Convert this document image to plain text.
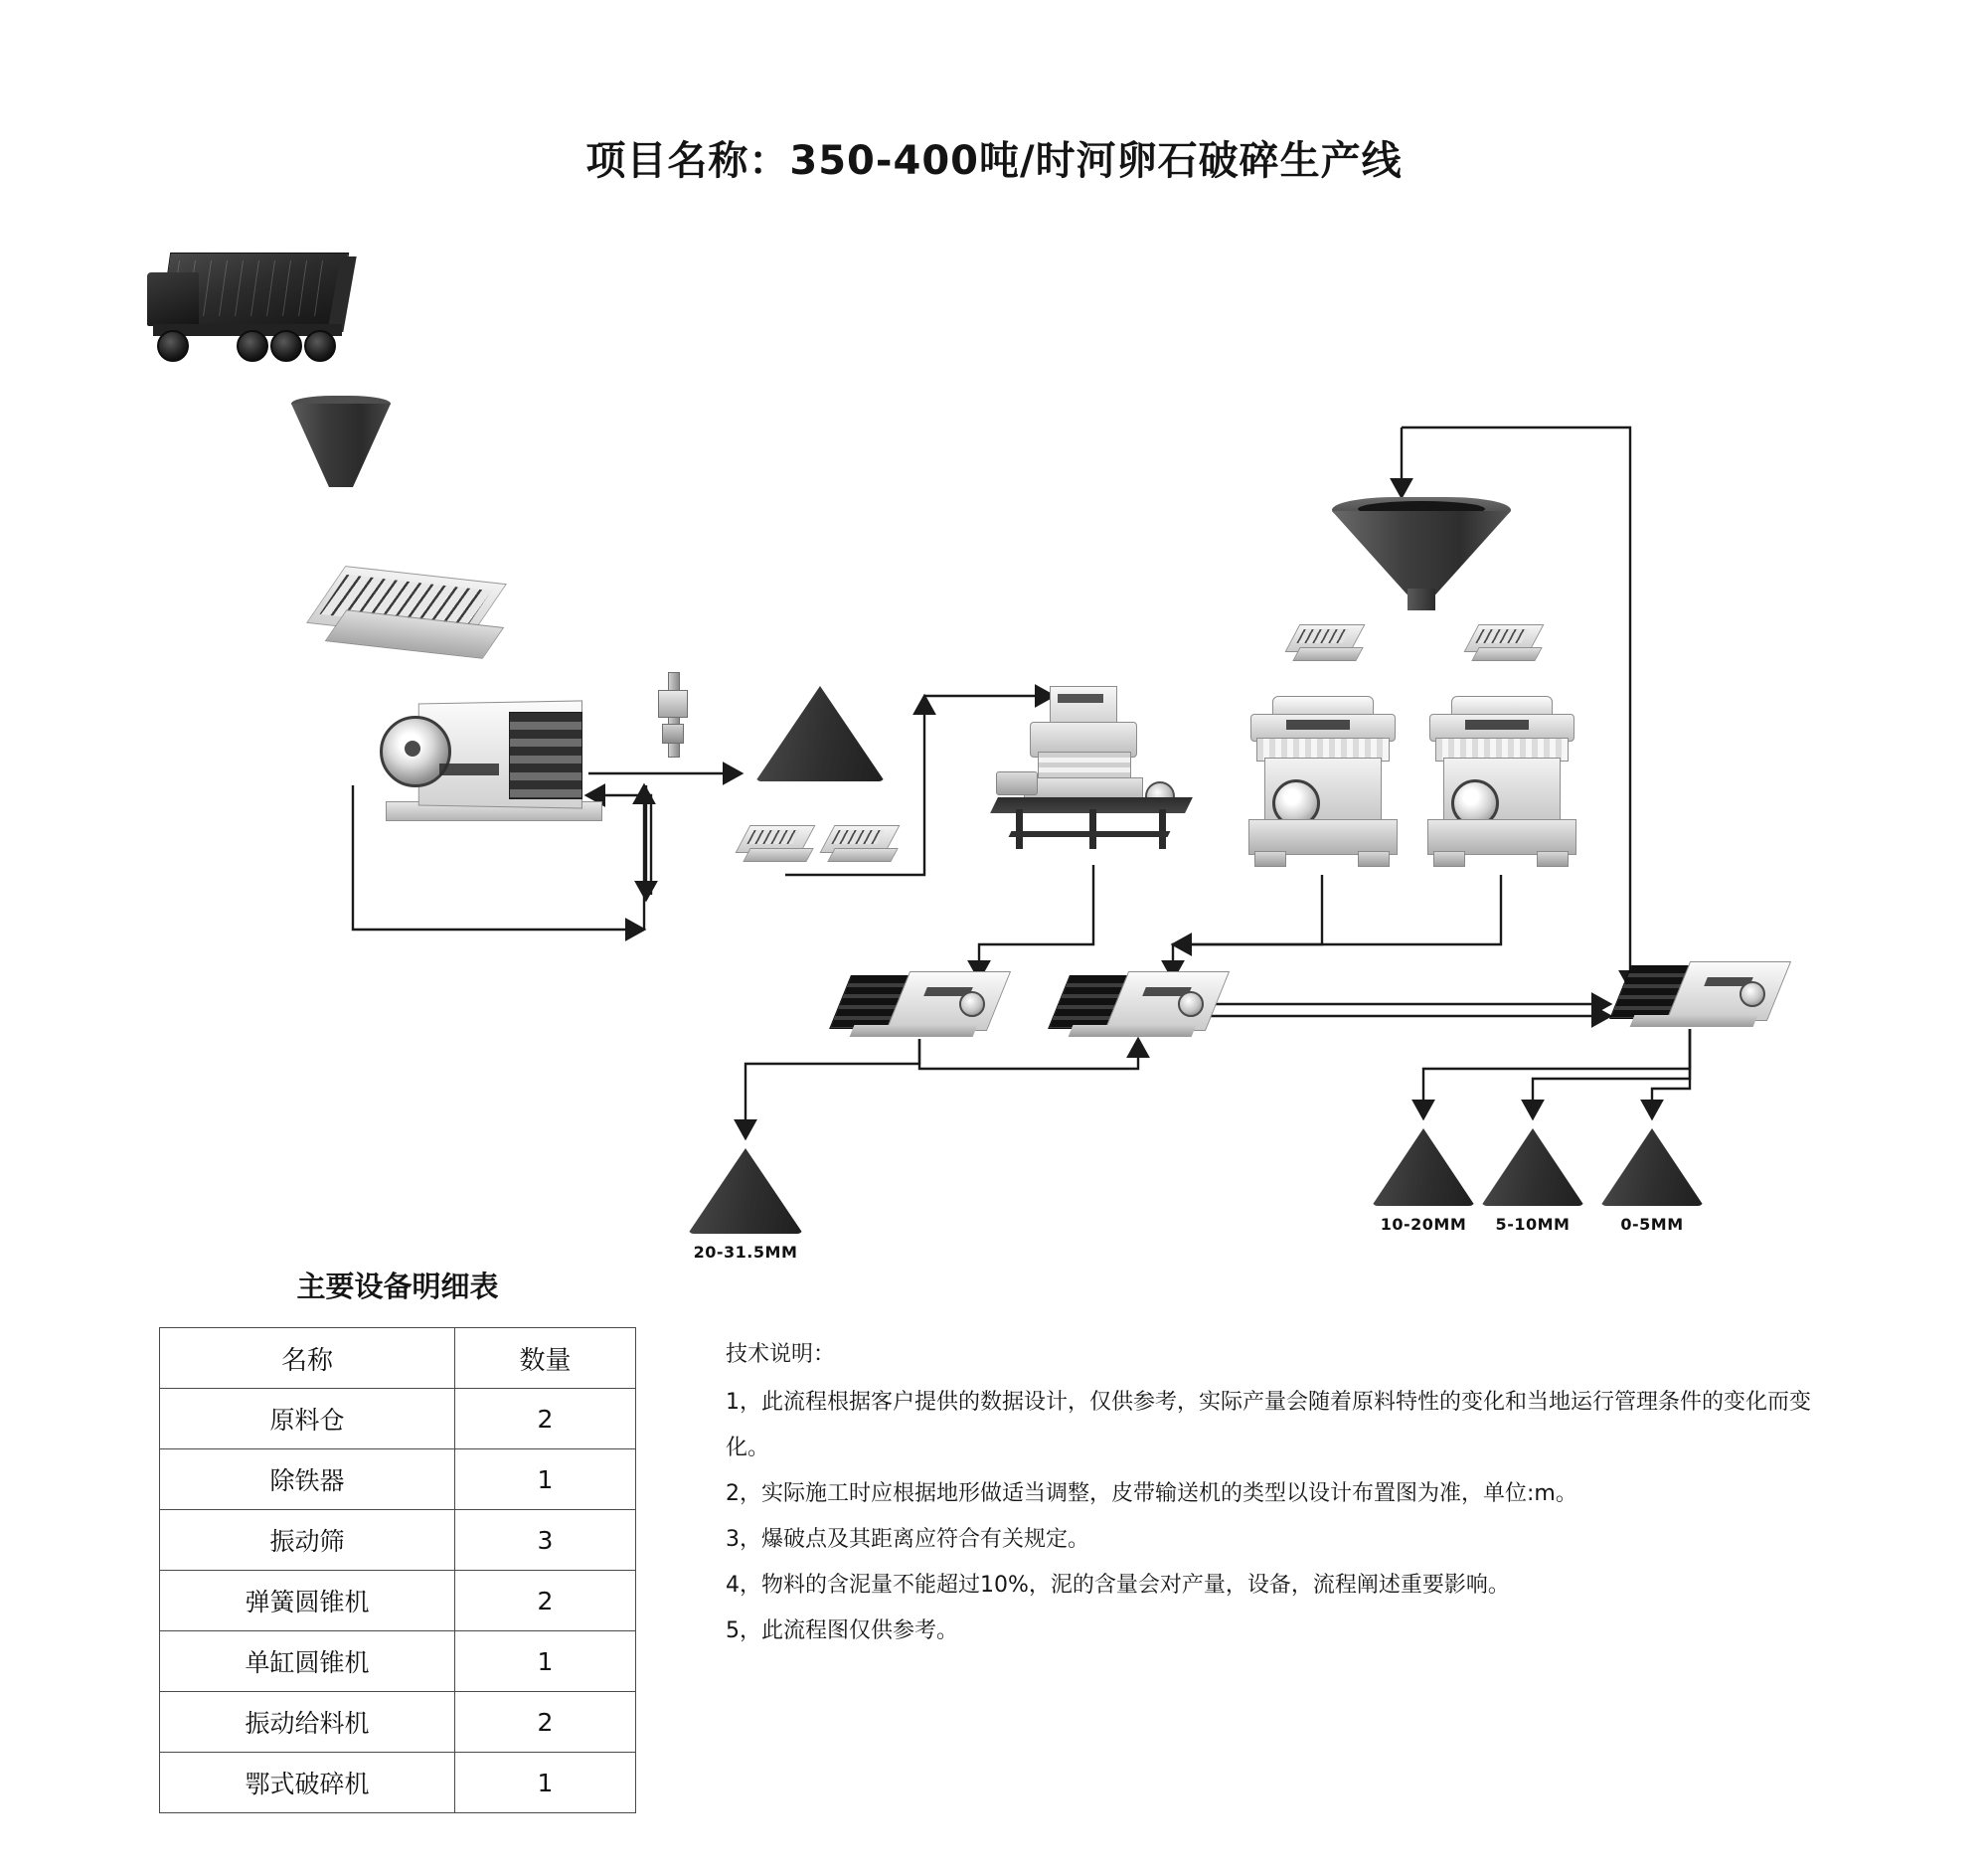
项目名称：350-400吨/时河卵石破碎生产线
20-31.5MM
10-20MM 5-10MM	0-5MM
主要设备明细表
名称	数量
原料仓	2
除铁器	1
振动筛	3
弹簧圆锥机	2
单缸圆锥机	1
振动给料机	2
鄂式破碎机	1

技术说明：

1，此流程根据客户提供的数据设计，仅供参考，实际产量会随着原料特性的变化和当地运行管理条件的变化而变化。

2，实际施工时应根据地形做适当调整，皮带输送机的类型以设计布置图为准，单位:m。

3，爆破点及其距离应符合有关规定。

4，物料的含泥量不能超过10%，泥的含量会对产量，设备，流程阐述重要影响。

5，此流程图仅供参考。
